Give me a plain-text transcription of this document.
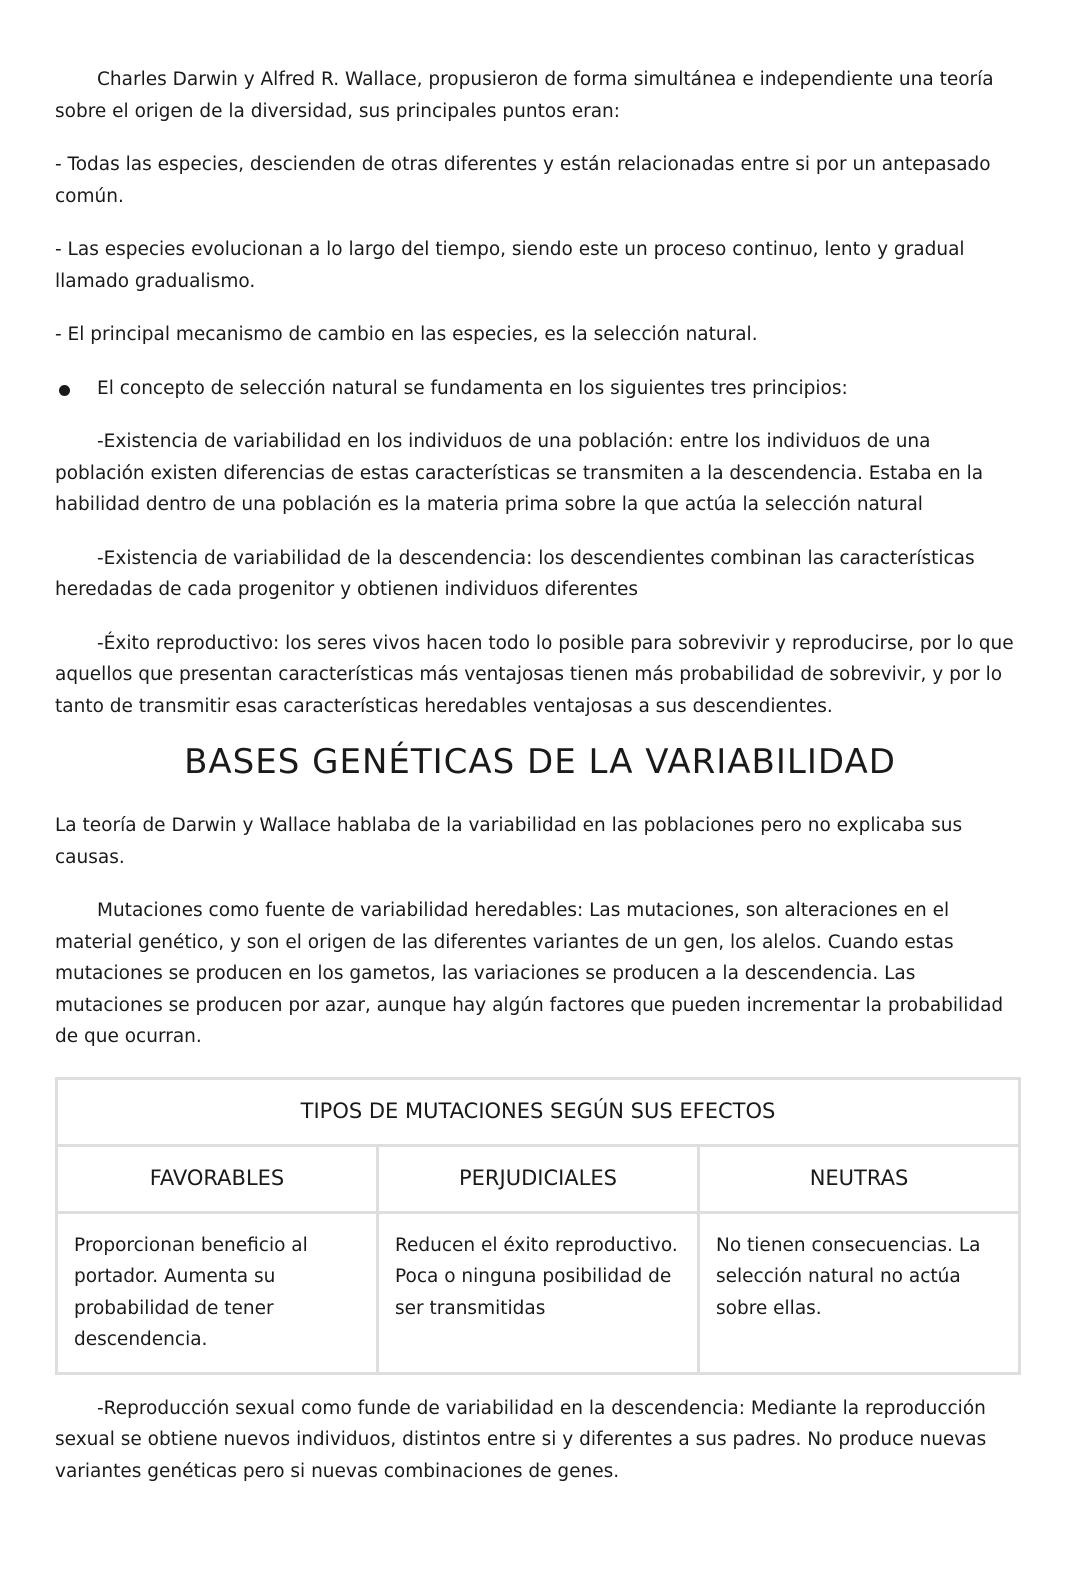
Charles Darwin y Alfred R. Wallace, propusieron de forma simultánea e independiente una teoría sobre el origen de la diversidad, sus principales puntos eran:

- Todas las especies, descienden de otras diferentes y están relacionadas entre si por un antepasado común.

- Las especies evolucionan a lo largo del tiempo, siendo este un proceso continuo, lento y gradual llamado gradualismo.

- El principal mecanismo de cambio en las especies, es la selección natural.

El concepto de selección natural se fundamenta en los siguientes tres principios:

-Existencia de variabilidad en los individuos de una población: entre los individuos de una población existen diferencias de estas características se transmiten a la descendencia. Estaba en la habilidad dentro de una población es la materia prima sobre la que actúa la selección natural

-Existencia de variabilidad de la descendencia: los descendientes combinan las características heredadas de cada progenitor y obtienen individuos diferentes

-Éxito reproductivo: los seres vivos hacen todo lo posible para sobrevivir y reproducirse, por lo que aquellos que presentan características más ventajosas tienen más probabilidad de sobrevivir, y por lo tanto de transmitir esas características heredables ventajosas a sus descendientes.

BASES GENÉTICAS DE LA VARIABILIDAD

La teoría de Darwin y Wallace hablaba de la variabilidad en las poblaciones pero no explicaba sus causas.

Mutaciones como fuente de variabilidad heredables: Las mutaciones, son alteraciones en el material genético, y son el origen de las diferentes variantes de un gen, los alelos. Cuando estas mutaciones se producen en los gametos, las variaciones se producen a la descendencia. Las mutaciones se producen por azar, aunque hay algún factores que pueden incrementar la probabilidad de que ocurran.

TIPOS DE MUTACIONES SEGÚN SUS EFECTOS		
FAVORABLES	PERJUDICIALES	NEUTRAS
Proporcionan beneficio al portador. Aumenta su probabilidad de tener descendencia.	Reducen el éxito reproductivo. Poca o ninguna posibilidad de ser transmitidas	No tienen consecuencias. La selección natural no actúa sobre ellas.

-Reproducción sexual como funde de variabilidad en la descendencia: Mediante la reproducción sexual se obtiene nuevos individuos, distintos entre si y diferentes a sus padres. No produce nuevas variantes genéticas pero si nuevas combinaciones de genes.
